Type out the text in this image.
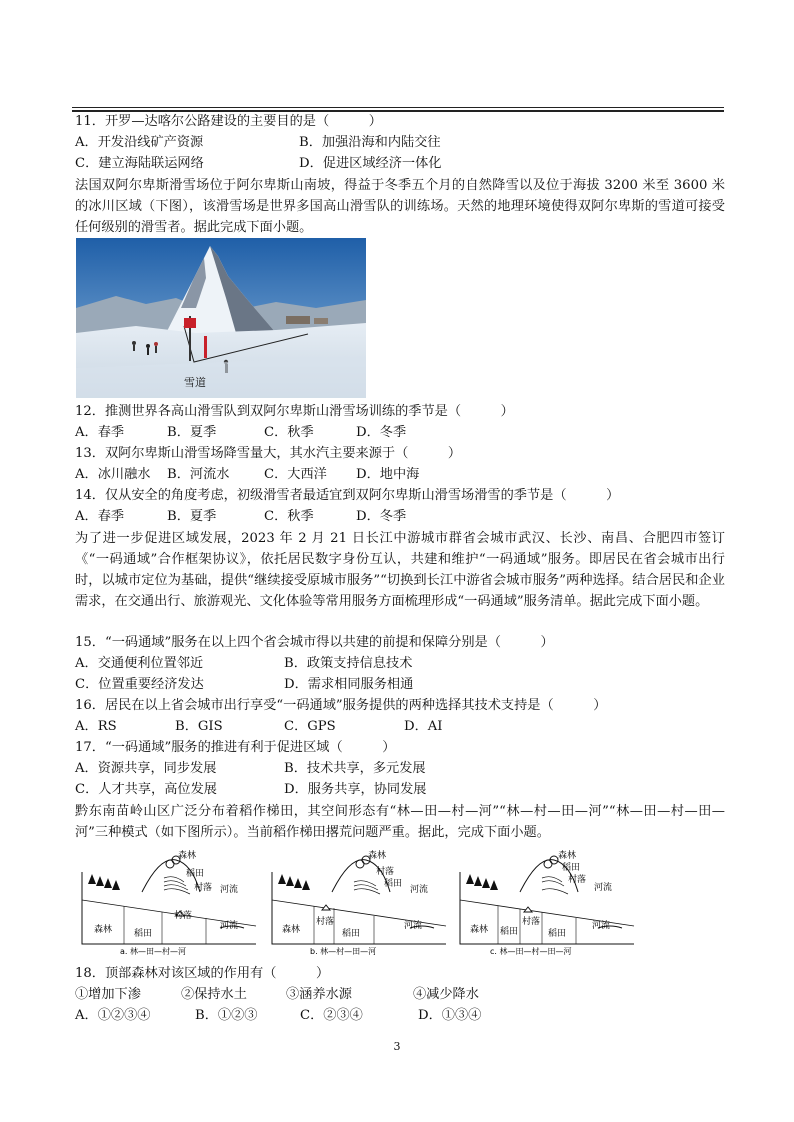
11．开罗—达喀尔公路建设的主要目的是（　　　）
A．开发沿线矿产资源	B．加强沿海和内陆交往
C．建立海陆联运网络	D．促进区域经济一体化
法国双阿尔卑斯滑雪场位于阿尔卑斯山南坡，得益于冬季五个月的自然降雪以及位于海拔 3200 米至 3600 米的冰川区域（下图），该滑雪场是世界多国高山滑雪队的训练场。天然的地理环境使得双阿尔卑斯的雪道可接受任何级别的滑雪者。据此完成下面小题。
雪道
12．推测世界各高山滑雪队到双阿尔卑斯山滑雪场训练的季节是（　　　）
A．春季	B．夏季	C．秋季	D．冬季
13．双阿尔卑斯山滑雪场降雪量大，其水汽主要来源于（　　　）
A．冰川融水 B．河流水	C．大西洋 D．地中海
14．仅从安全的角度考虑，初级滑雪者最适宜到双阿尔卑斯山滑雪场滑雪的季节是（　　　）
A．春季	B．夏季	C．秋季	D．冬季
为了进一步促进区域发展，2023 年 2 月 21 日长江中游城市群省会城市武汉、长沙、南昌、合肥四市签订《“一码通域”合作框架协议》，依托居民数字身份互认，共建和维护“一码通域”服务。即居民在省会城市出行时，以城市定位为基础，提供“继续接受原城市服务”“切换到长江中游省会城市服务”两种选择。结合居民和企业需求，在交通出行、旅游观光、文化体验等常用服务方面梳理形成“一码通域”服务清单。据此完成下面小题。
15．“一码通域”服务在以上四个省会城市得以共建的前提和保障分别是（　　　）
A．交通便利位置邻近	B．政策支持信息技术
C．位置重要经济发达	D．需求相同服务相通
16．居民在以上省会城市出行享受“一码通域”服务提供的两种选择其技术支持是（　　　）
A．RS	B．GIS	C．GPS	D．AI
17．“一码通域”服务的推进有利于促进区域（　　　）
A．资源共享，同步发展	B．技术共享，多元发展
C．人才共享，高位发展	D．服务共享，协同发展
黔东南苗岭山区广泛分布着稻作梯田，其空间形态有“林—田—村—河”“林—村—田—河”“林—田—村—田—河”三种模式（如下图所示）。当前稻作梯田撂荒问题严重。据此，完成下面小题。
森林
稻田
村落 河流
森林 稻田
村落
河流
a. 林—田—村—河
森林
村落
稻田
河流
森林
村落
稻田
河流
b. 林—村—田—河
森林
稻田
村落
河流
森林 稻田
村落
稻田
河流
c. 林—田—村—田—河
18．顶部森林对该区域的作用有（　　　）
①增加下渗	②保持水土	③涵养水源	④减少降水
A．①②③④	B．①②③	C．②③④	D．①③④
3
